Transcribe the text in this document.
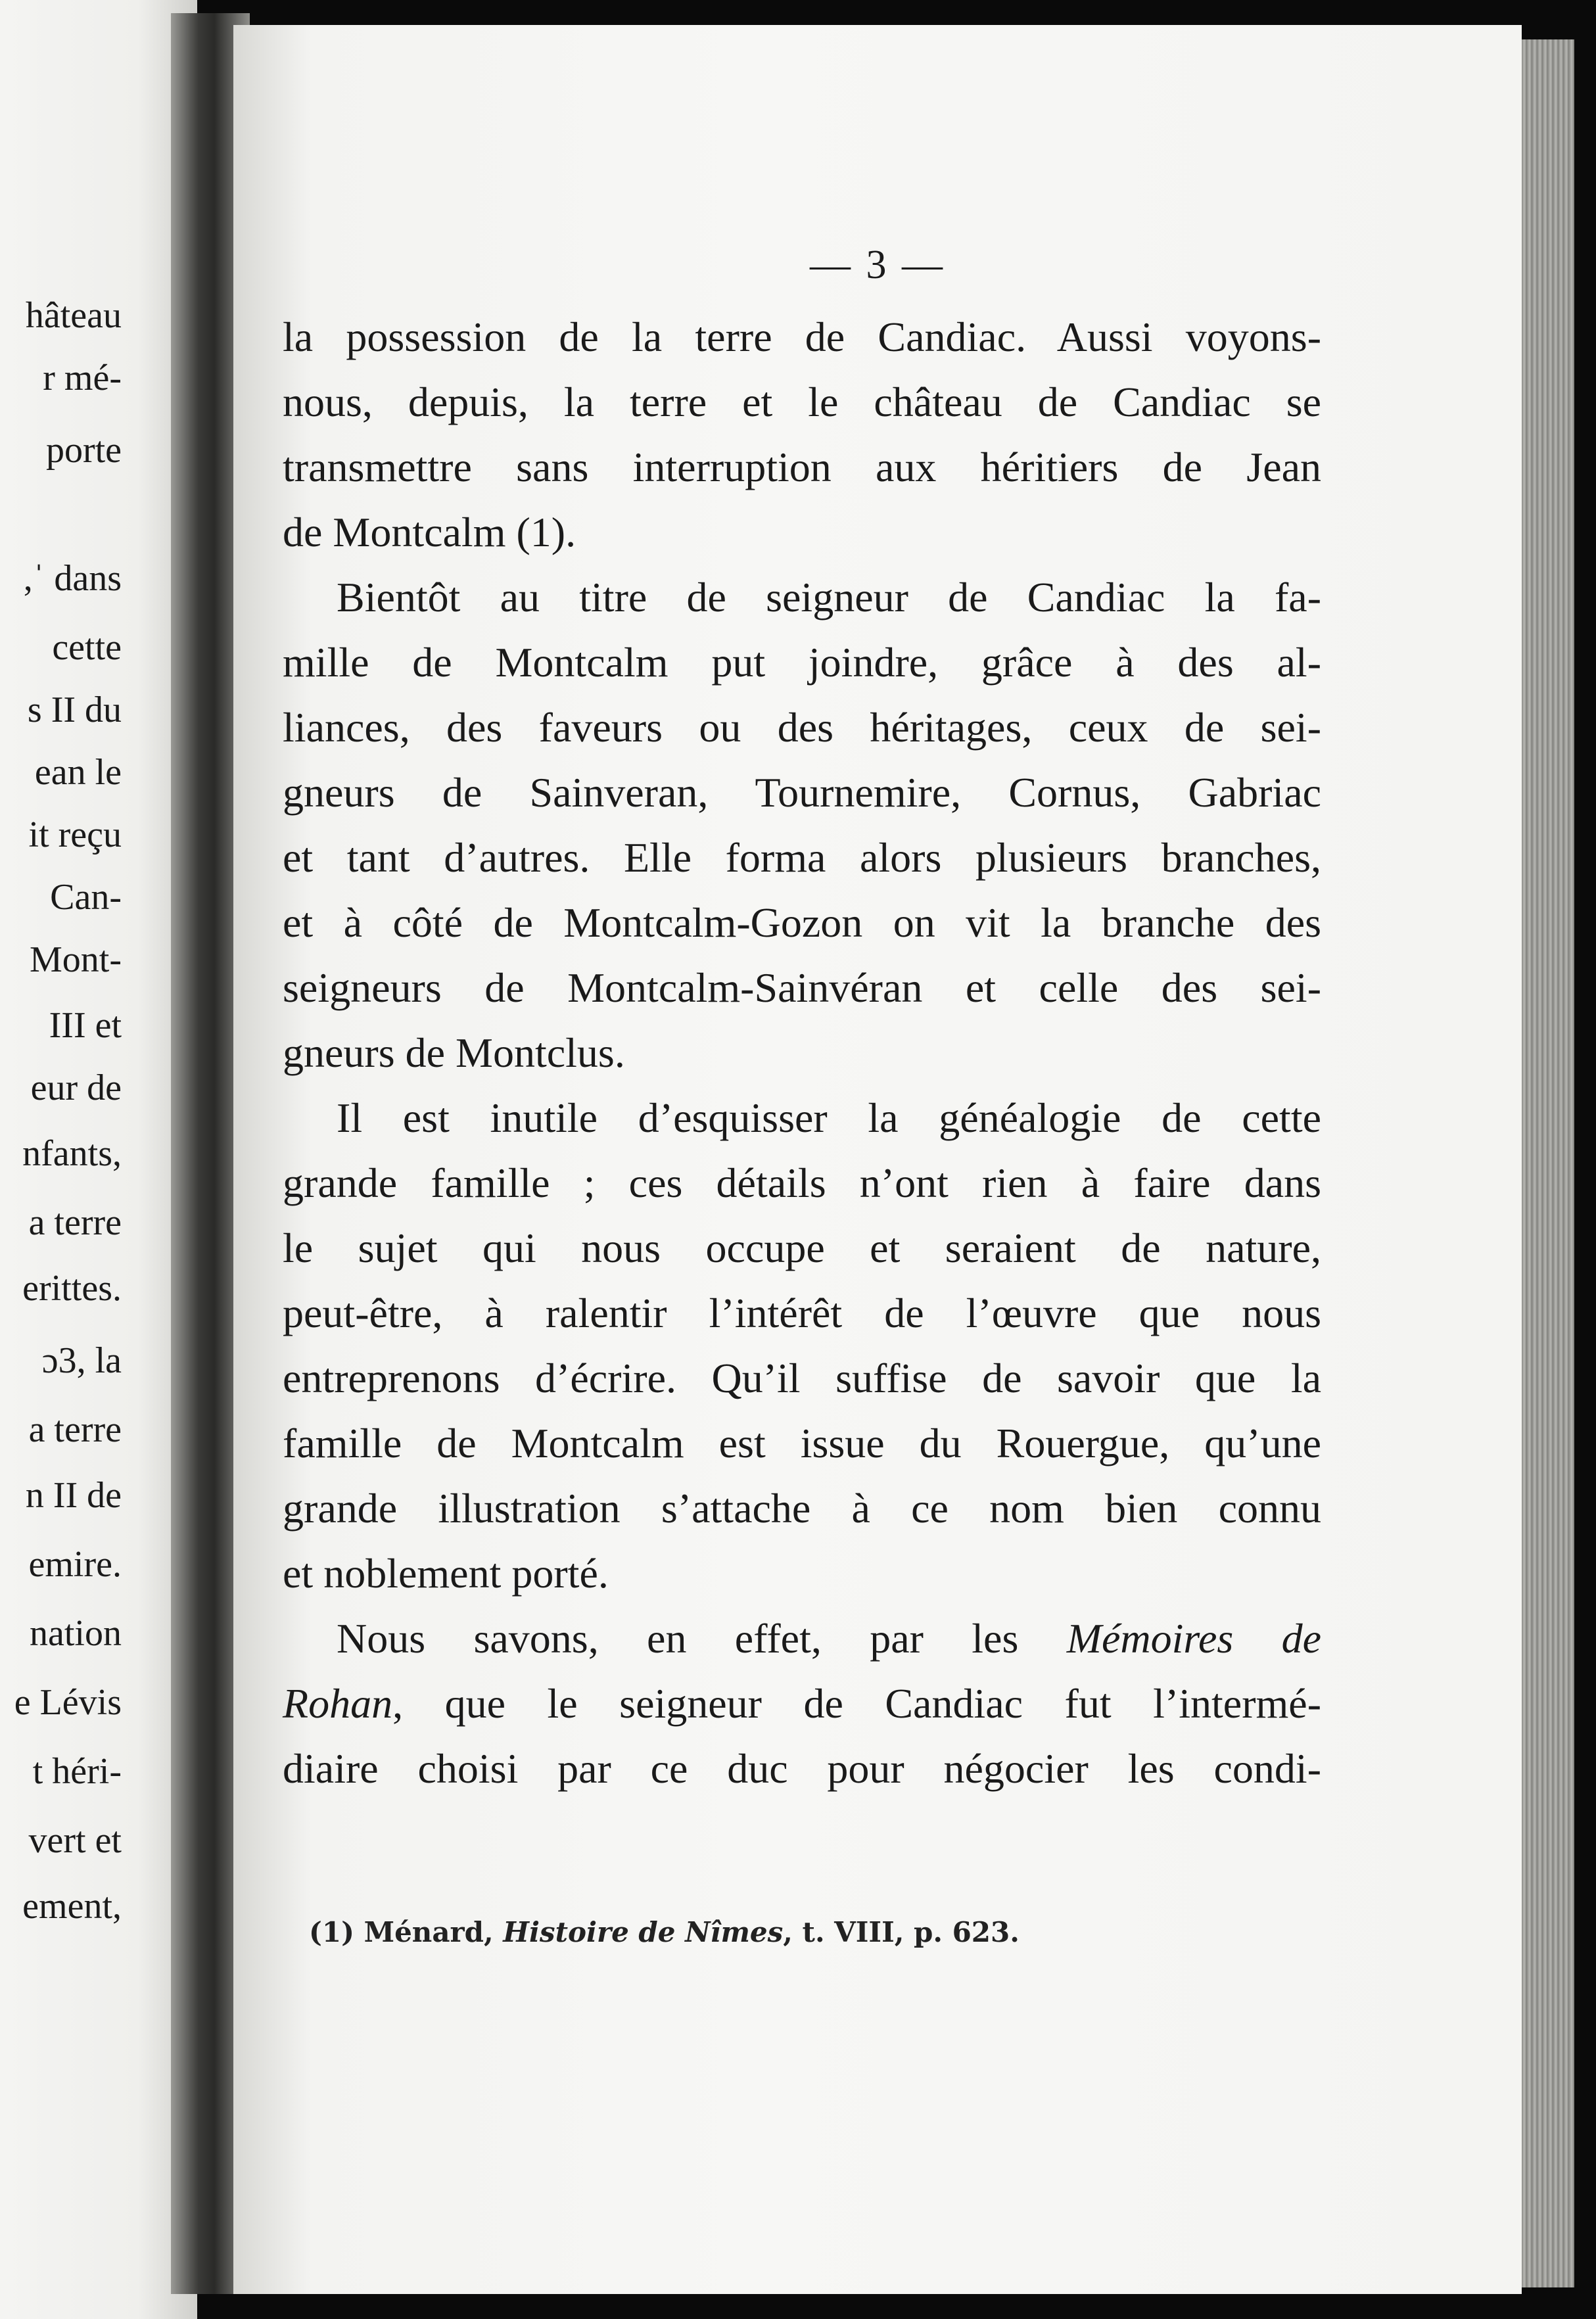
hâteau
r mé-
porte
,ˈ dans
cette
s II du
ean le
it reçu
Can-
Mont-
III et
eur de
nfants,
a terre
erittes.
ɔ3, la
a terre
n II de
emire.
nation
e Lévis
t héri-
vert et
ement,
— 3 —
la possession de la terre de Candiac. Aussi voyons-
nous, depuis, la terre et le château de Candiac se
transmettre sans interruption aux héritiers de Jean
de Montcalm (1).
Bientôt au titre de seigneur de Candiac la fa-
mille de Montcalm put joindre, grâce à des al-
liances, des faveurs ou des héritages, ceux de sei-
gneurs de Sainveran, Tournemire, Cornus, Gabriac
et tant d’autres. Elle forma alors plusieurs branches,
et à côté de Montcalm-Gozon on vit la branche des
seigneurs de Montcalm-Sainvéran et celle des sei-
gneurs de Montclus.
Il est inutile d’esquisser la généalogie de cette
grande famille ; ces détails n’ont rien à faire dans
le sujet qui nous occupe et seraient de nature,
peut-être, à ralentir l’intérêt de l’œuvre que nous
entreprenons d’écrire. Qu’il suffise de savoir que la
famille de Montcalm est issue du Rouergue, qu’une
grande illustration s’attache à ce nom bien connu
et noblement porté.
Nous savons, en effet, par les Mémoires de
Rohan, que le seigneur de Candiac fut l’intermé-
diaire choisi par ce duc pour négocier les condi-
(1) Ménard, Histoire de Nîmes, t. VIII, p. 623.
